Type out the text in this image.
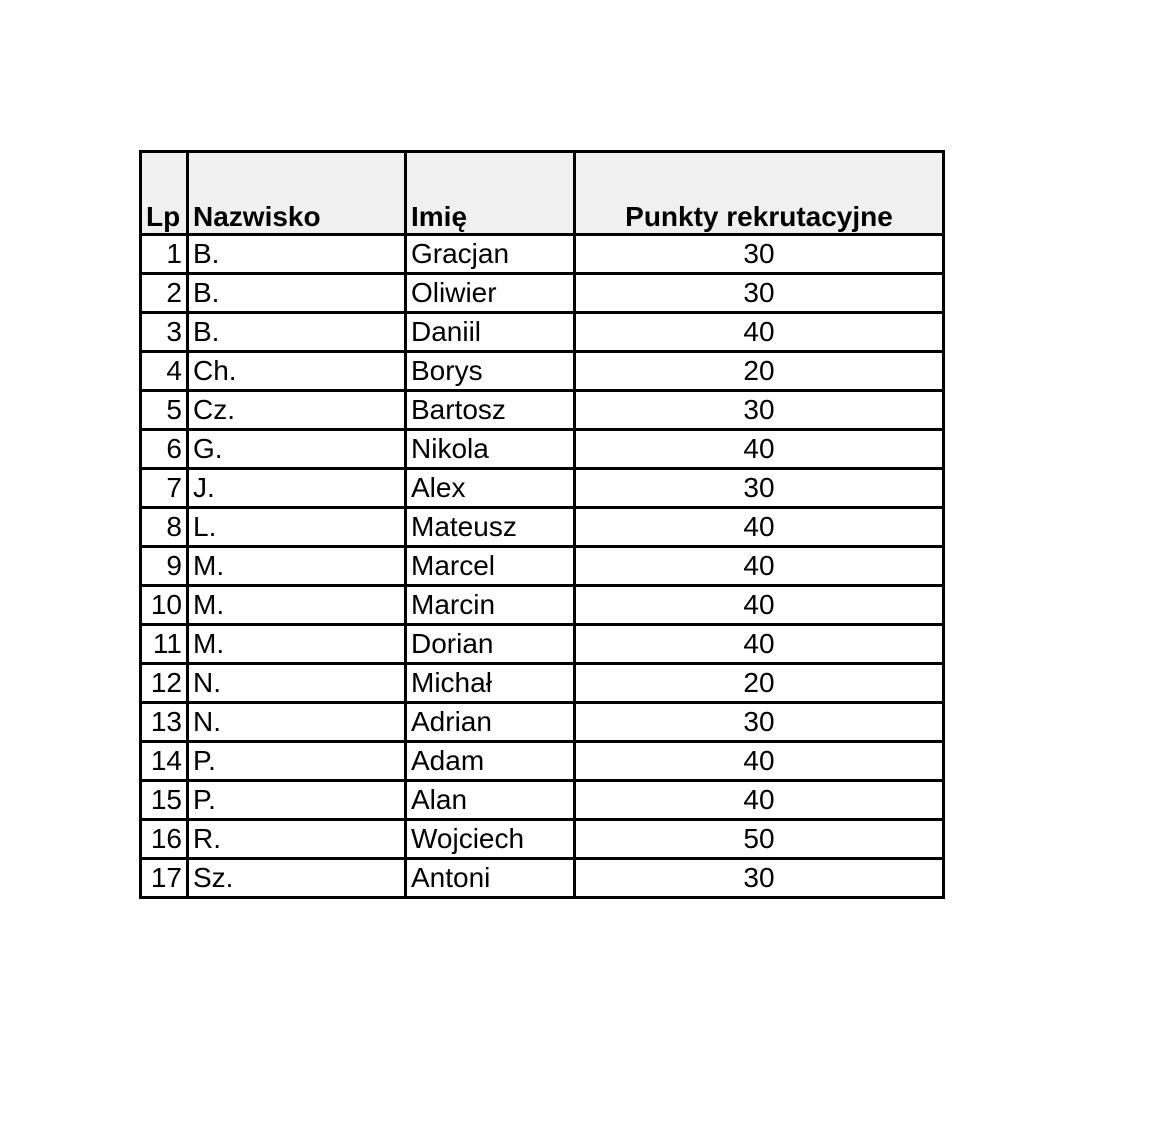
Lp	Nazwisko	Imię	Punkty rekrutacyjne
1	B.	Gracjan	30
2	B.	Oliwier	30
3	B.	Daniil	40
4	Ch.	Borys	20
5	Cz.	Bartosz	30
6	G.	Nikola	40
7	J.	Alex	30
8	L.	Mateusz	40
9	M.	Marcel	40
10	M.	Marcin	40
11	M.	Dorian	40
12	N.	Michał	20
13	N.	Adrian	30
14	P.	Adam	40
15	P.	Alan	40
16	R.	Wojciech	50
17	Sz.	Antoni	30
